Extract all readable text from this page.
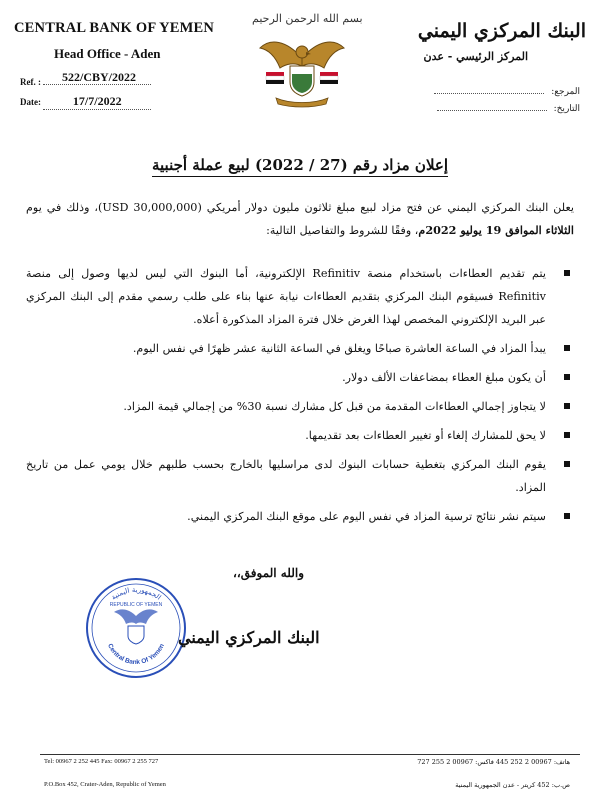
CENTRAL BANK OF YEMEN
Head Office - Aden
522/CBY/2022
Ref. :
Date:	17/7/2022
بسم الله الرحمن الرحيم
البنك المركزي اليمني
المركز الرئيسي - عدن
المرجع:
التاريخ:
إعلان مزاد رقم (27 / 2022) لبيع عملة أجنبية
يعلن البنك المركزي اليمني عن فتح مزاد لبيع مبلغ ثلاثون مليون دولار أمريكي (30,000,000 USD)، وذلك في يوم الثلاثاء الموافق 19 يوليو 2022م، وفقًا للشروط والتفاصيل التالية:
يتم تقديم العطاءات باستخدام منصة Refinitiv الإلكترونية، أما البنوك التي ليس لديها وصول إلى منصة Refinitiv فسيقوم البنك المركزي بتقديم العطاءات نيابة عنها بناء على طلب رسمي مقدم إلى البنك المركزي عبر البريد الإلكتروني المخصص لهذا الغرض خلال فترة المزاد المذكورة أعلاه.
يبدأ المزاد في الساعة العاشرة صباحًا ويغلق في الساعة الثانية عشر ظهرًا في نفس اليوم.
أن يكون مبلغ العطاء بمضاعفات الألف دولار.
لا يتجاوز إجمالي العطاءات المقدمة من قبل كل مشارك نسبة 30% من إجمالي قيمة المزاد.
لا يحق للمشارك إلغاء أو تغيير العطاءات بعد تقديمها.
يقوم البنك المركزي بتغطية حسابات البنوك لدى مراسليها بالخارج بحسب طلبهم خلال يومي عمل من تاريخ المزاد.
سيتم نشر نتائج ترسية المزاد في نفس اليوم على موقع البنك المركزي اليمني.
والله الموفق،،
الجمهورية اليمنية
REPUBLIC OF YEMEN
Central Bank Of Yemen البنك المركزي اليمني
Tel: 00967 2 252 445 Fax: 00967 2 255 727
P.O.Box 452, Crater-Aden, Republic of Yemen
هاتف: 00967 2 252 445 فاكس: 00967 2 255 727
ص.ب: 452 كريتر - عدن الجمهورية اليمنية
